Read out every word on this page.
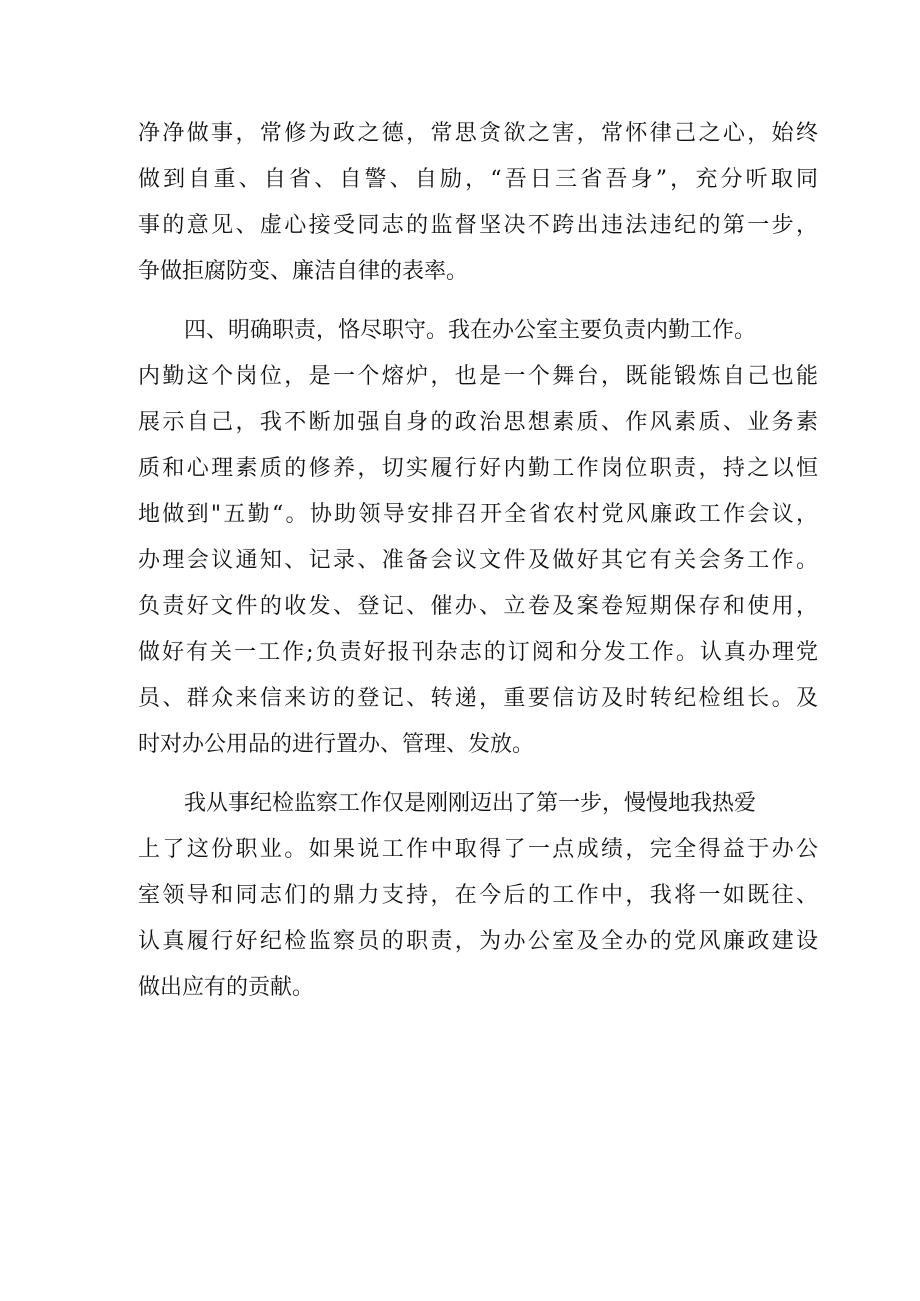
净净做事，常修为政之德，常思贪欲之害，常怀律己之心，始终
做到自重、自省、自警、自励，“吾日三省吾身”，充分听取同
事的意见、虚心接受同志的监督坚决不跨出违法违纪的第一步，
争做拒腐防变、廉洁自律的表率。
四、明确职责，恪尽职守。我在办公室主要负责内勤工作。
内勤这个岗位，是一个熔炉，也是一个舞台，既能锻炼自己也能
展示自己，我不断加强自身的政治思想素质、作风素质、业务素
质和心理素质的修养，切实履行好内勤工作岗位职责，持之以恒
地做到"五勤“。协助领导安排召开全省农村党风廉政工作会议，
办理会议通知、记录、准备会议文件及做好其它有关会务工作。
负责好文件的收发、登记、催办、立卷及案卷短期保存和使用，
做好有关一工作;负责好报刊杂志的订阅和分发工作。认真办理党
员、群众来信来访的登记、转递，重要信访及时转纪检组长。及
时对办公用品的进行置办、管理、发放。
我从事纪检监察工作仅是刚刚迈出了第一步，慢慢地我热爱
上了这份职业。如果说工作中取得了一点成绩，完全得益于办公
室领导和同志们的鼎力支持，在今后的工作中，我将一如既往、
认真履行好纪检监察员的职责，为办公室及全办的党风廉政建设
做出应有的贡献。
